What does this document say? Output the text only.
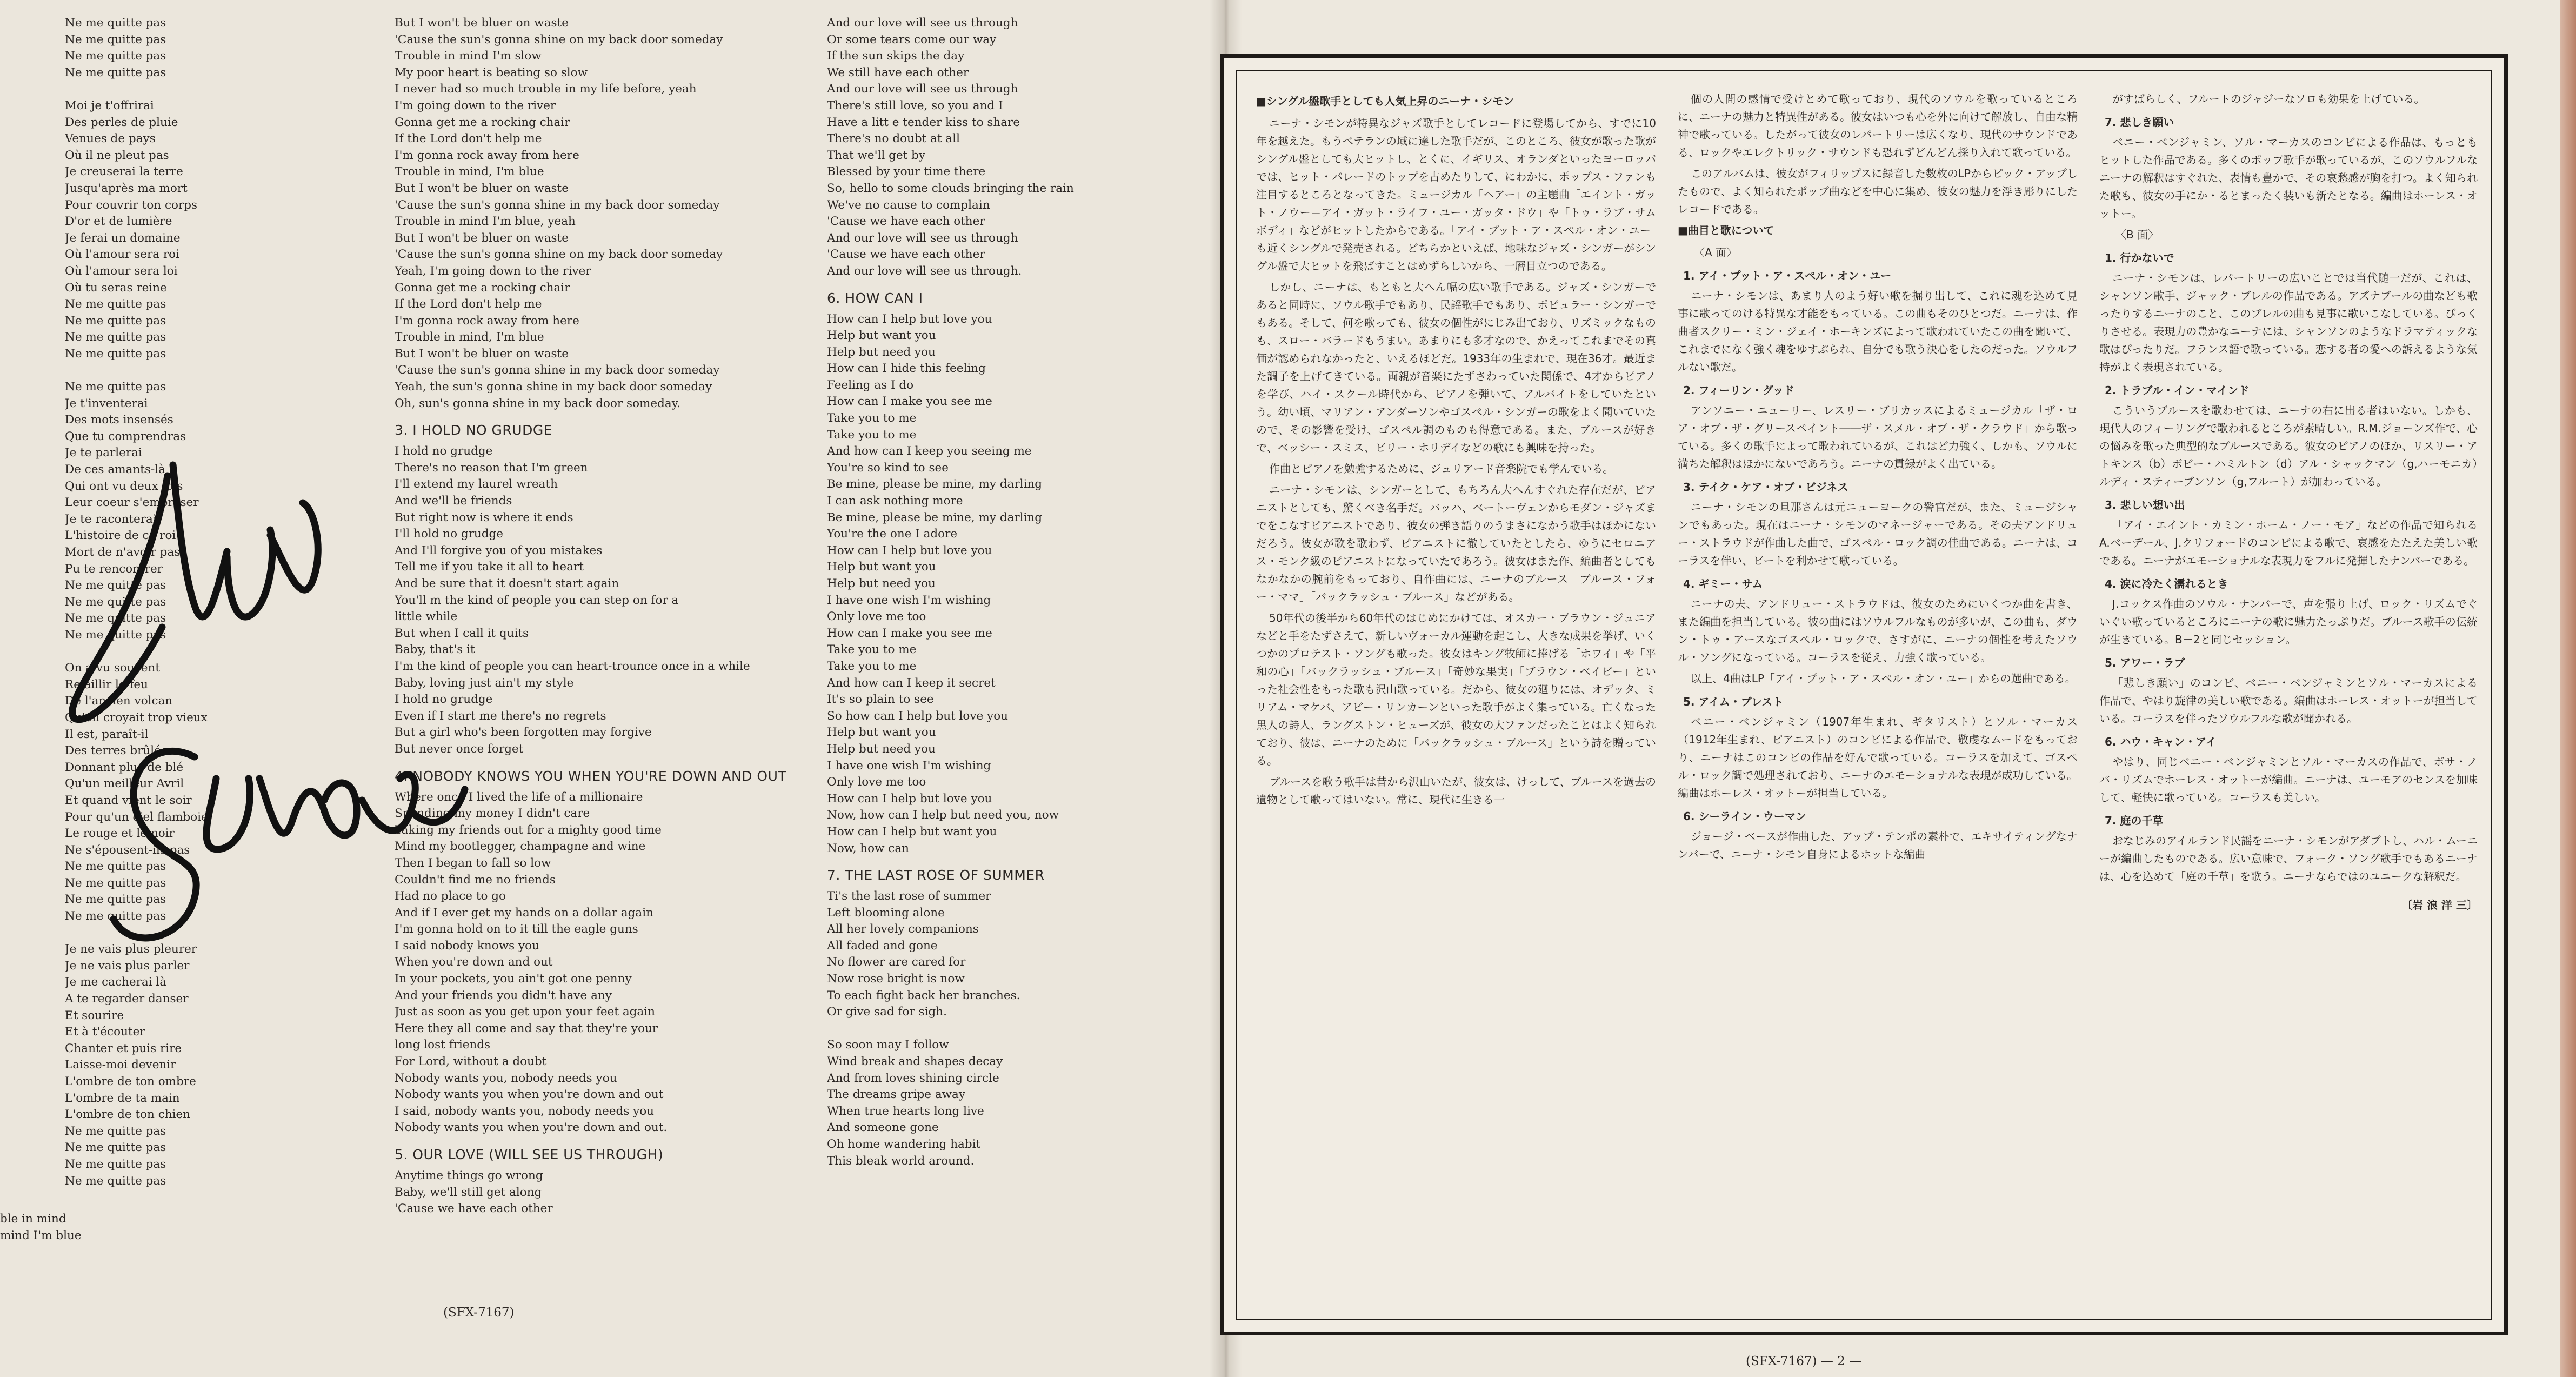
Ne me quitte pas
Ne me quitte pas
Ne me quitte pas
Ne me quitte pas
Moi je t'offrirai
Des perles de pluie
Venues de pays
Où il ne pleut pas
Je creuserai la terre
Jusqu'après ma mort
Pour couvrir ton corps
D'or et de lumière
Je ferai un domaine
Où l'amour sera roi
Où l'amour sera loi
Où tu seras reine
Ne me quitte pas
Ne me quitte pas
Ne me quitte pas
Ne me quitte pas
Ne me quitte pas
Je t'inventerai
Des mots insensés
Que tu comprendras
Je te parlerai
De ces amants-là
Qui ont vu deux fois
Leur coeur s'embraser
Je te raconterai
L'histoire de ce roi
Mort de n'avoir pas
Pu te rencontrer
Ne me quitte pas
Ne me quitte pas
Ne me quitte pas
Ne me quitte pas
On a vu souvent
Rejaillir le feu
De l'ancien volcan
Qu'on croyait trop vieux
Il est, paraît-il
Des terres brûlées
Donnant plus de blé
Qu'un meilleur Avril
Et quand vient le soir
Pour qu'un ciel flamboie
Le rouge et le noir
Ne s'épousent-ils pas
Ne me quitte pas
Ne me quitte pas
Ne me quitte pas
Ne me quitte pas
Je ne vais plus pleurer
Je ne vais plus parler
Je me cacherai là
A te regarder danser
Et sourire
Et à t'écouter
Chanter et puis rire
Laisse-moi devenir
L'ombre de ton ombre
L'ombre de ta main
L'ombre de ton chien
Ne me quitte pas
Ne me quitte pas
Ne me quitte pas
Ne me quitte pas
But I won't be bluer on waste
'Cause the sun's gonna shine on my back door someday
Trouble in mind I'm slow
My poor heart is beating so slow
I never had so much trouble in my life before, yeah
I'm going down to the river
Gonna get me a rocking chair
If the Lord don't help me
I'm gonna rock away from here
Trouble in mind, I'm blue
But I won't be bluer on waste
'Cause the sun's gonna shine in my back door someday
Trouble in mind I'm blue, yeah
But I won't be bluer on waste
'Cause the sun's gonna shine on my back door someday
Yeah, I'm going down to the river
Gonna get me a rocking chair
If the Lord don't help me
I'm gonna rock away from here
Trouble in mind, I'm blue
But I won't be bluer on waste
'Cause the sun's gonna shine in my back door someday
Yeah, the sun's gonna shine in my back door someday
Oh, sun's gonna shine in my back door someday.
3. I HOLD NO GRUDGE
I hold no grudge
There's no reason that I'm green
I'll extend my laurel wreath
And we'll be friends
But right now is where it ends
I'll hold no grudge
And I'll forgive you of you mistakes
Tell me if you take it all to heart
And be sure that it doesn't start again
You'll m the kind of people you can step on for a
little while
But when I call it quits
Baby, that's it
I'm the kind of people you can heart-trounce once in a while
Baby, loving just ain't my style
I hold no grudge
Even if I start me there's no regrets
But a girl who's been forgotten may forgive
But never once forget
4. NOBODY KNOWS YOU WHEN YOU'RE DOWN AND OUT
Where once I lived the life of a millionaire
Spending my money I didn't care
Taking my friends out for a mighty good time
Mind my bootlegger, champagne and wine
Then I began to fall so low
Couldn't find me no friends
Had no place to go
And if I ever get my hands on a dollar again
I'm gonna hold on to it till the eagle guns
I said nobody knows you
When you're down and out
In your pockets, you ain't got one penny
And your friends you didn't have any
Just as soon as you get upon your feet again
Here they all come and say that they're your
long lost friends
For Lord, without a doubt
Nobody wants you, nobody needs you
Nobody wants you when you're down and out
I said, nobody wants you, nobody needs you
Nobody wants you when you're down and out.
5. OUR LOVE (WILL SEE US THROUGH)
Anytime things go wrong
Baby, we'll still get along
'Cause we have each other
And our love will see us through
Or some tears come our way
If the sun skips the day
We still have each other
And our love will see us through
There's still love, so you and I
Have a litt e tender kiss to share
There's no doubt at all
That we'll get by
Blessed by your time there
So, hello to some clouds bringing the rain
We've no cause to complain
'Cause we have each other
And our love will see us through
'Cause we have each other
And our love will see us through.
6. HOW CAN I
How can I help but love you
Help but want you
Help but need you
How can I hide this feeling
Feeling as I do
How can I make you see me
Take you to me
Take you to me
And how can I keep you seeing me
You're so kind to see
Be mine, please be mine, my darling
I can ask nothing more
Be mine, please be mine, my darling
You're the one I adore
How can I help but love you
Help but want you
Help but need you
I have one wish I'm wishing
Only love me too
How can I make you see me
Take you to me
Take you to me
And how can I keep it secret
It's so plain to see
So how can I help but love you
Help but want you
Help but need you
I have one wish I'm wishing
Only love me too
How can I help but love you
Now, how can I help but need you, now
How can I help but want you
Now, how can
7. THE LAST ROSE OF SUMMER
Ti's the last rose of summer
Left blooming alone
All her lovely companions
All faded and gone
No flower are cared for
Now rose bright is now
To each fight back her branches.
Or give sad for sigh.
So soon may I follow
Wind break and shapes decay
And from loves shining circle
The dreams gripe away
When true hearts long live
And someone gone
Oh home wandering habit
This bleak world around.
ble in mind
mind I'm blue
(SFX-7167)
■シングル盤歌手としても人気上昇のニーナ・シモン

ニーナ・シモンが特異なジャズ歌手としてレコードに登場してから、すでに10年を越えた。もうベテランの域に達した歌手だが、このところ、彼女が歌った歌がシングル盤としても大ヒットし、とくに、イギリス、オランダといったヨーロッパでは、ヒット・パレードのトップを占めたりして、にわかに、ポップス・ファンも注目するところとなってきた。ミュージカル「ヘアー」の主題曲「エイント・ガット・ノウー＝アイ・ガット・ライフ・ユー・ガッタ・ドウ」や「トゥ・ラブ・サムボディ」などがヒットしたからである。「アイ・プット・ア・スペル・オン・ユー」も近くシングルで発売される。どちらかといえば、地味なジャズ・シンガーがシングル盤で大ヒットを飛ばすことはめずらしいから、一層目立つのである。

しかし、ニーナは、もともと大へん幅の広い歌手である。ジャズ・シンガーであると同時に、ソウル歌手でもあり、民謡歌手でもあり、ポピュラー・シンガーでもある。そして、何を歌っても、彼女の個性がにじみ出ており、リズミックなものも、スロー・バラードもうまい。あまりにも多才なので、かえってこれまでその真価が認められなかったと、いえるほどだ。1933年の生まれで、現在36才。最近また調子を上げてきている。両親が音楽にたずさわっていた関係で、4才からピアノを学び、ハイ・スクール時代から、ピアノを弾いて、アルバイトをしていたという。幼い頃、マリアン・アンダーソンやゴスペル・シンガーの歌をよく聞いていたので、その影響を受け、ゴスペル調のものも得意である。また、ブルースが好きで、ベッシー・スミス、ビリー・ホリデイなどの歌にも興味を持った。

作曲とピアノを勉強するために、ジュリアード音楽院でも学んでいる。

ニーナ・シモンは、シンガーとして、もちろん大へんすぐれた存在だが、ピアニストとしても、驚くべき名手だ。バッハ、ベートーヴェンからモダン・ジャズまでをこなすピアニストであり、彼女の弾き語りのうまさになかう歌手はほかにないだろう。彼女が歌を歌わず、ピアニストに徹していたとしたら、ゆうにセロニアス・モンク級のピアニストになっていたであろう。彼女はまた作、編曲者としてもなかなかの腕前をもっており、自作曲には、ニーナのブルース「ブルース・フォー・ママ」「バックラッシュ・ブルース」などがある。

50年代の後半から60年代のはじめにかけては、オスカー・ブラウン・ジュニアなどと手をたずさえて、新しいヴォーカル運動を起こし、大きな成果を挙げ、いくつかのプロテスト・ソングも歌った。彼女はキング牧師に捧げる「ホワイ」や「平和の心」「バックラッシュ・ブルース」「奇妙な果実」「ブラウン・ベイビー」といった社会性をもった歌も沢山歌っている。だから、彼女の廻りには、オデッタ、ミリアム・マケバ、アビー・リンカーンといった歌手がよく集っている。亡くなった黒人の詩人、ラングストン・ヒューズが、彼女の大ファンだったことはよく知られており、彼は、ニーナのために「バックラッシュ・ブルース」という詩を贈っている。

ブルースを歌う歌手は昔から沢山いたが、彼女は、けっして、ブルースを過去の遺物として歌ってはいない。常に、現代に生きる一

個の人間の感情で受けとめて歌っており、現代のソウルを歌っているところに、ニーナの魅力と特異性がある。彼女はいつも心を外に向けて解放し、自由な精神で歌っている。したがって彼女のレパートリーは広くなり、現代のサウンドである、ロックやエレクトリック・サウンドも恐れずどんどん採り入れて歌っている。

このアルバムは、彼女がフィリップスに録音した数枚のLPからピック・アップしたもので、よく知られたポップ曲などを中心に集め、彼女の魅力を浮き彫りにしたレコードである。

■曲目と歌について
〈A 面〉
1. アイ・プット・ア・スペル・オン・ユー

ニーナ・シモンは、あまり人のよう好い歌を掘り出して、これに魂を込めて見事に歌ってのける特異な才能をもっている。この曲もそのひとつだ。ニーナは、作曲者スクリー・ミン・ジェイ・ホーキンズによって歌われていたこの曲を聞いて、これまでになく強く魂をゆすぶられ、自分でも歌う決心をしたのだった。ソウルフルない歌だ。

2. フィーリン・グッド

アンソニー・ニューリー、レスリー・ブリカッスによるミュージカル「ザ・ロア・オブ・ザ・グリースペイント――ザ・スメル・オブ・ザ・クラウド」から歌っている。多くの歌手によって歌われているが、これはど力強く、しかも、ソウルに満ちた解釈はほかにないであろう。ニーナの貫録がよく出ている。

3. テイク・ケア・オブ・ビジネス

ニーナ・シモンの旦那さんは元ニューヨークの警官だが、また、ミュージシャンでもあった。現在はニーナ・シモンのマネージャーである。その夫アンドリュー・ストラウドが作曲した曲で、ゴスペル・ロック調の佳曲である。ニーナは、コーラスを伴い、ビートを利かせて歌っている。

4. ギミー・サム

ニーナの夫、アンドリュー・ストラウドは、彼女のためにいくつか曲を書き、また編曲を担当している。彼の曲にはソウルフルなものが多いが、この曲も、ダウン・トゥ・アースなゴスペル・ロックで、さすがに、ニーナの個性を考えたソウル・ソングになっている。コーラスを従え、力強く歌っている。

以上、4曲はLP「アイ・プット・ア・スペル・オン・ユー」からの選曲である。

5. アイム・ブレスト

ベニー・ベンジャミン（1907年生まれ、ギタリスト）とソル・マーカス（1912年生まれ、ピアニスト）のコンビによる作品で、敬虔なムードをもっており、ニーナはこのコンビの作品を好んで歌っている。コーラスを加えて、ゴスペル・ロック調で処理されており、ニーナのエモーショナルな表現が成功している。編曲はホーレス・オットーが担当している。

6. シーライン・ウーマン

ジョージ・ベースが作曲した、アップ・テンポの素朴で、エキサイティングなナンバーで、ニーナ・シモン自身によるホットな編曲

がすばらしく、フルートのジャジーなソロも効果を上げている。

7. 悲しき願い

ベニー・ベンジャミン、ソル・マーカスのコンビによる作品は、もっともヒットした作品である。多くのポップ歌手が歌っているが、このソウルフルなニーナの解釈はすぐれた、表情も豊かで、その哀愁感が胸を打つ。よく知られた歌も、彼女の手にか・るとまったく装いも新たとなる。編曲はホーレス・オットー。

〈B 面〉
1. 行かないで

ニーナ・シモンは、レパートリーの広いことでは当代随一だが、これは、シャンソン歌手、ジャック・ブレルの作品である。アズナブールの曲なども歌ったりするニーナのこと、このブレルの曲も見事に歌いこなしている。びっくりさせる。表現力の豊かなニーナには、シャンソンのようなドラマティックな歌はぴったりだ。フランス語で歌っている。恋する者の愛への訴えるような気持がよく表現されている。

2. トラブル・イン・マインド

こういうブルースを歌わせては、ニーナの右に出る者はいない。しかも、現代人のフィーリングで歌われるところが素晴しい。R.M.ジョーンズ作で、心の悩みを歌った典型的なブルースである。彼女のピアノのほか、リスリー・アトキンス（b）ボビー・ハミルトン（d）アル・シャックマン（g,ハーモニカ）ルディ・スティーブンソン（g,フルート）が加わっている。

3. 悲しい想い出

「アイ・エイント・カミン・ホーム・ノー・モア」などの作品で知られるA.ベーデール、J.クリフォードのコンビによる歌で、哀感をたたえた美しい歌である。ニーナがエモーショナルな表現力をフルに発揮したナンバーである。

4. 涙に冷たく濡れるとき

J.コックス作曲のソウル・ナンバーで、声を張り上げ、ロック・リズムでぐいぐい歌っているところにニーナの歌に魅力たっぷりだ。ブルース歌手の伝統が生きている。B－2と同じセッション。

5. アワー・ラブ

「悲しき願い」のコンビ、ベニー・ベンジャミンとソル・マーカスによる作品で、やはり旋律の美しい歌である。編曲はホーレス・オットーが担当している。コーラスを伴ったソウルフルな歌が聞かれる。

6. ハウ・キャン・アイ

やはり、同じベニー・ベンジャミンとソル・マーカスの作品で、ボサ・ノバ・リズムでホーレス・オットーが編曲。ニーナは、ユーモアのセンスを加味して、軽快に歌っている。コーラスも美しい。

7. 庭の千草

おなじみのアイルランド民謡をニーナ・シモンがアダプトし、ハル・ムーニーが編曲したものである。広い意味で、フォーク・ソング歌手でもあるニーナは、心を込めて「庭の千草」を歌う。ニーナならではのユニークな解釈だ。

〔岩 浪 洋 三〕
(SFX-7167) — 2 —
